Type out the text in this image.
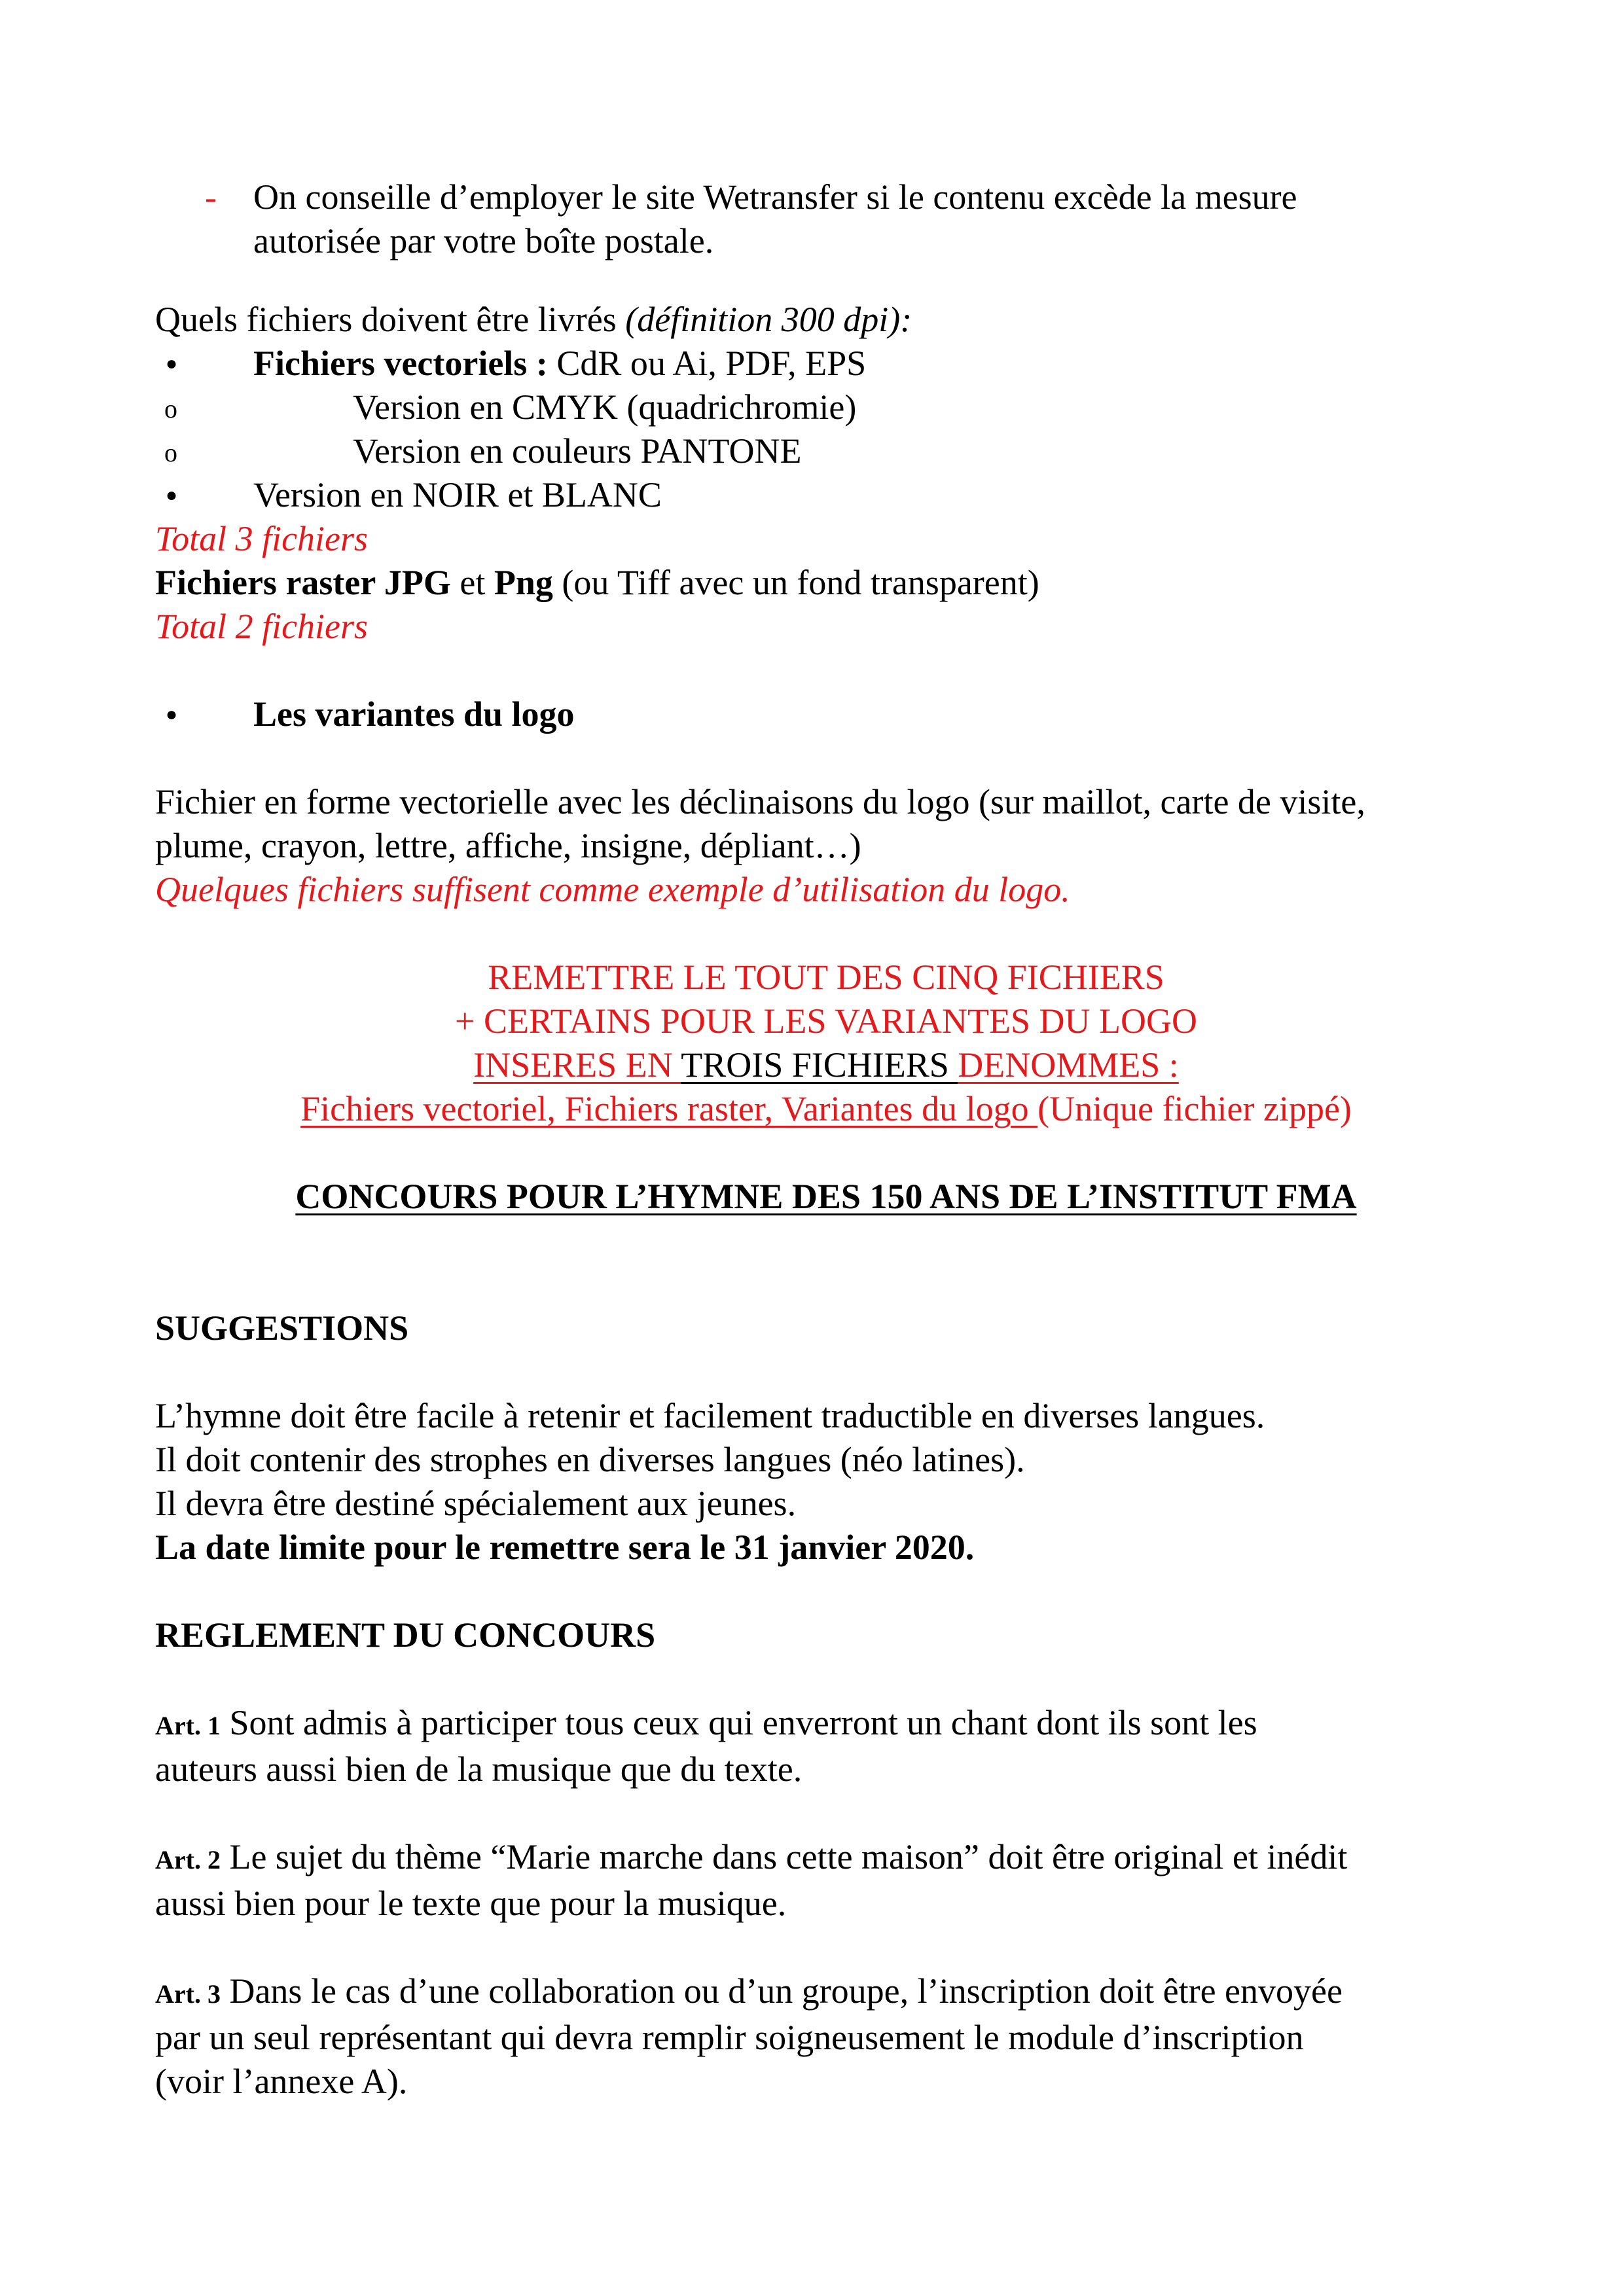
- On conseille d’employer le site Wetransfer si le contenu excède la mesure
autorisée par votre boîte postale.
Quels fichiers doivent être livrés (définition 300 dpi):
● Fichiers vectoriels : CdR ou Ai, PDF, EPS
o	Version en CMYK (quadrichromie)
o	Version en couleurs PANTONE
● Version en NOIR et BLANC
Total 3 fichiers
Fichiers raster JPG et Png (ou Tiff avec un fond transparent)
Total 2 fichiers
● Les variantes du logo
Fichier en forme vectorielle avec les déclinaisons du logo (sur maillot, carte de visite,
plume, crayon, lettre, affiche, insigne, dépliant…)
Quelques fichiers suffisent comme exemple d’utilisation du logo.
REMETTRE LE TOUT DES CINQ FICHIERS
+ CERTAINS POUR LES VARIANTES DU LOGO
INSERES EN TROIS FICHIERS DENOMMES :
Fichiers vectoriel, Fichiers raster, Variantes du logo (Unique fichier zippé)
CONCOURS POUR L’HYMNE DES 150 ANS DE L’INSTITUT FMA
SUGGESTIONS
L’hymne doit être facile à retenir et facilement traductible en diverses langues.
Il doit contenir des strophes en diverses langues (néo latines).
Il devra être destiné spécialement aux jeunes.
La date limite pour le remettre sera le 31 janvier 2020.
REGLEMENT DU CONCOURS
Art. 1 Sont admis à participer tous ceux qui enverront un chant dont ils sont les
auteurs aussi bien de la musique que du texte.
Art. 2 Le sujet du thème “Marie marche dans cette maison” doit être original et inédit
aussi bien pour le texte que pour la musique.
Art. 3 Dans le cas d’une collaboration ou d’un groupe, l’inscription doit être envoyée
par un seul représentant qui devra remplir soigneusement le module d’inscription
(voir l’annexe A).
